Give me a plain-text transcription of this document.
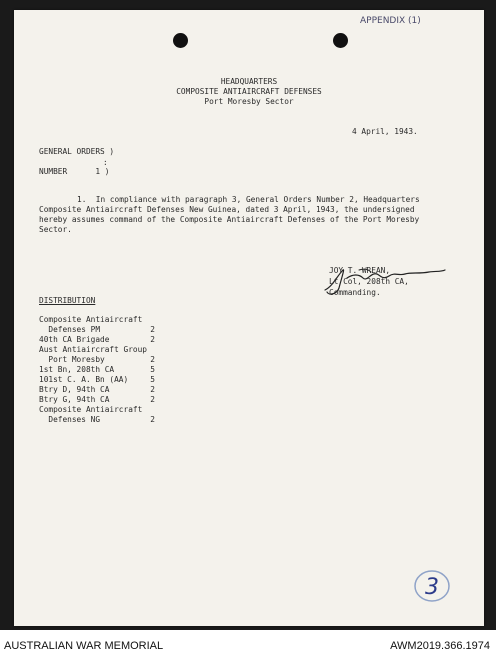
APPENDIX (1)
HEADQUARTERS
COMPOSITE ANTIAIRCRAFT DEFENSES
Port Moresby Sector
4 April, 1943.
GENERAL ORDERS )
:
NUMBER      1 )
1.  In compliance with paragraph 3, General Orders Number 2, Headquarters
Composite Antiaircraft Defenses New Guinea, dated 3 April, 1943, the undersigned
hereby assumes command of the Composite Antiaircraft Defenses of the Port Moresby
Sector.
JOY T. WREAN,
Lt Col, 208th CA,
Commanding.
DISTRIBUTION
Composite Antiaircraft
Defenses PM	2
40th CA Brigade	2
Aust Antiaircraft Group
Port Moresby	2
1st Bn, 208th CA	5
101st C. A. Bn (AA)	5
Btry D, 94th CA	2
Btry G, 94th CA	2
Composite Antiaircraft
Defenses NG	2
3
AUSTRALIAN WAR MEMORIAL	AWM2019.366.1974
